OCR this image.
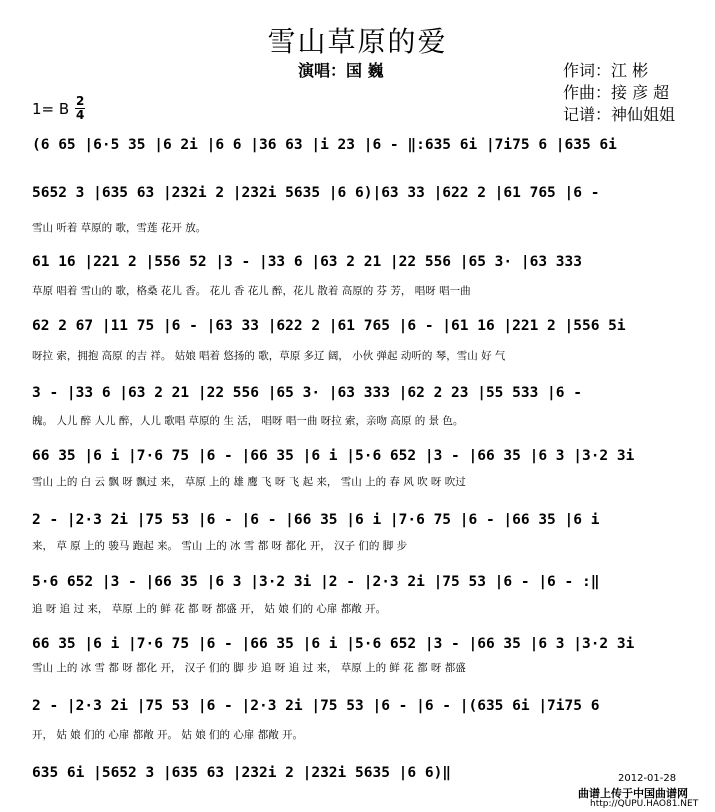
雪山草原的爱
演唱：国 巍	作词：江 彬
作曲：接 彦 超
记谱：神仙姐姐
1= B 2
4
(6 65 |6·5 35 |6 2i |6 6 |36 63 |i 23 |6 - ‖:635 6i |7i75 6 |635 6i
5652 3 |635 63 |232i 2 |232i 5635 |6 6)|63 33 |622 2 |61 765 |6 -
雪山 听着 草原的 歌，雪莲 花开 放。
61 16 |221 2 |556 52 |3 - |33 6 |63 2 21 |22 556 |65 3· |63 333
草原 唱着 雪山的 歌，格桑 花儿 香。 花儿 香 花儿 醉，花儿 散着 高原的 芬 芳， 唱呀 唱一曲
62 2 67 |11 75 |6 - |63 33 |622 2 |61 765 |6 - |61 16 |221 2 |556 5i
呀拉 索，拥抱 高原 的吉 祥。 姑娘 唱着 悠扬的 歌，草原 多辽 阔， 小伙 弹起 动听的 琴，雪山 好 气
3 - |33 6 |63 2 21 |22 556 |65 3· |63 333 |62 2 23 |55 533 |6 -
魄。 人儿 醉 人儿 醉，人儿 歌唱 草原的 生 活， 唱呀 唱一曲 呀拉 索，亲吻 高原 的 景 色。
66 35 |6 i |7·6 75 |6 - |66 35 |6 i |5·6 652 |3 - |66 35 |6 3 |3·2 3i
雪山 上的 白 云 飘 呀 飘过 来， 草原 上的 雄 鹰 飞 呀 飞 起 来， 雪山 上的 春 风 吹 呀 吹过
2 - |2·3 2i |75 53 |6 - |6 - |66 35 |6 i |7·6 75 |6 - |66 35 |6 i
来， 草 原 上的 骏马 跑起 来。 雪山 上的 冰 雪 都 呀 都化 开， 汉子 们的 脚 步
5·6 652 |3 - |66 35 |6 3 |3·2 3i |2 - |2·3 2i |75 53 |6 - |6 - :‖
追 呀 追 过 来， 草原 上的 鲜 花 都 呀 都盛 开， 姑 娘 们的 心扉 都敞 开。
66 35 |6 i |7·6 75 |6 - |66 35 |6 i |5·6 652 |3 - |66 35 |6 3 |3·2 3i
雪山 上的 冰 雪 都 呀 都化 开， 汉子 们的 脚 步 追 呀 追 过 来， 草原 上的 鲜 花 都 呀 都盛
2 - |2·3 2i |75 53 |6 - |2·3 2i |75 53 |6 - |6 - |(635 6i |7i75 6
开， 姑 娘 们的 心扉 都敞 开。 姑 娘 们的 心扉 都敞 开。
635 6i |5652 3 |635 63 |232i 2 |232i 5635 |6 6)‖	2012-01-28
曲谱上传于中国曲谱网
http://QUPU.HAO81.NET
